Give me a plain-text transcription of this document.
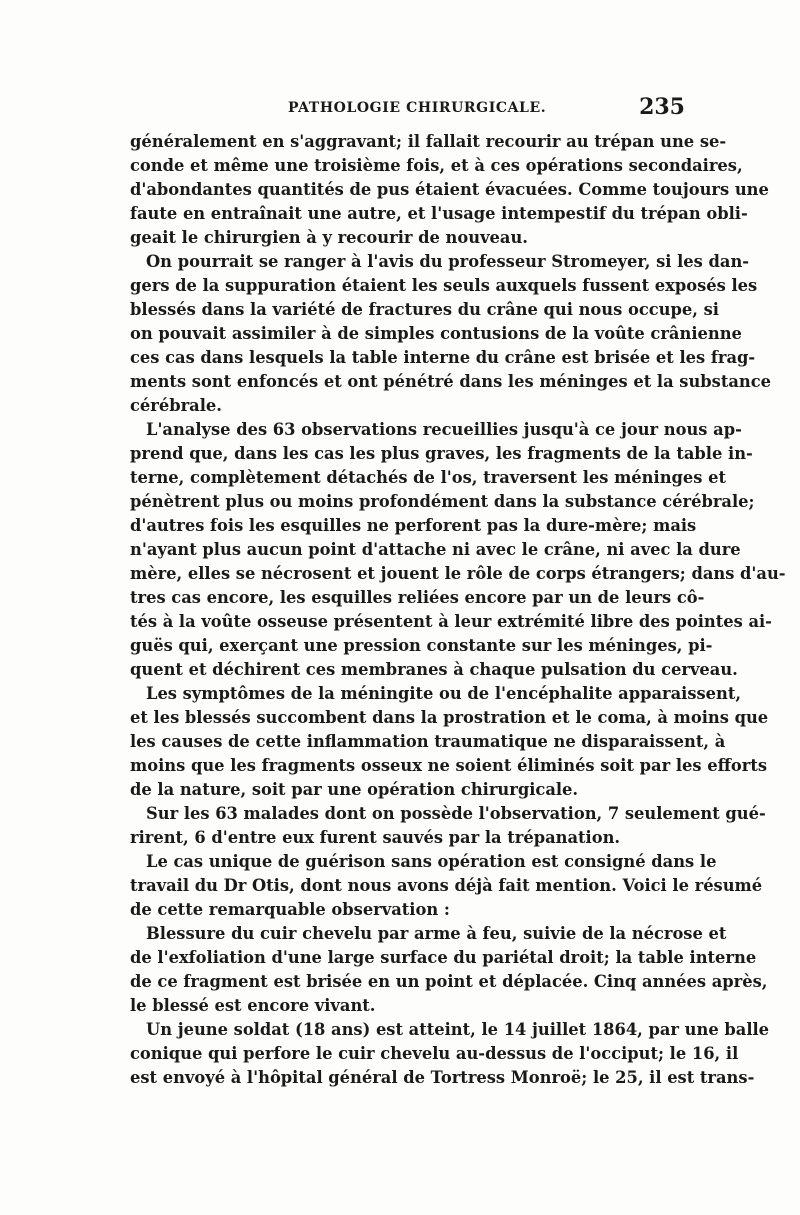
PATHOLOGIE CHIRURGICALE.	235
généralement en s'aggravant; il fallait recourir au trépan une se-
conde et même une troisième fois, et à ces opérations secondaires,
d'abondantes quantités de pus étaient évacuées. Comme toujours une
faute en entraînait une autre, et l'usage intempestif du trépan obli-
geait le chirurgien à y recourir de nouveau.
On pourrait se ranger à l'avis du professeur Stromeyer, si les dan-
gers de la suppuration étaient les seuls auxquels fussent exposés les
blessés dans la variété de fractures du crâne qui nous occupe, si
on pouvait assimiler à de simples contusions de la voûte crânienne
ces cas dans lesquels la table interne du crâne est brisée et les frag-
ments sont enfoncés et ont pénétré dans les méninges et la substance
cérébrale.
L'analyse des 63 observations recueillies jusqu'à ce jour nous ap-
prend que, dans les cas les plus graves, les fragments de la table in-
terne, complètement détachés de l'os, traversent les méninges et
pénètrent plus ou moins profondément dans la substance cérébrale;
d'autres fois les esquilles ne perforent pas la dure-mère; mais
n'ayant plus aucun point d'attache ni avec le crâne, ni avec la dure
mère, elles se nécrosent et jouent le rôle de corps étrangers; dans d'au-
tres cas encore, les esquilles reliées encore par un de leurs cô-
tés à la voûte osseuse présentent à leur extrémité libre des pointes ai-
guës qui, exerçant une pression constante sur les méninges, pi-
quent et déchirent ces membranes à chaque pulsation du cerveau.
Les symptômes de la méningite ou de l'encéphalite apparaissent,
et les blessés succombent dans la prostration et le coma, à moins que
les causes de cette inflammation traumatique ne disparaissent, à
moins que les fragments osseux ne soient éliminés soit par les efforts
de la nature, soit par une opération chirurgicale.
Sur les 63 malades dont on possède l'observation, 7 seulement gué-
rirent, 6 d'entre eux furent sauvés par la trépanation.
Le cas unique de guérison sans opération est consigné dans le
travail du Dr Otis, dont nous avons déjà fait mention. Voici le résumé
de cette remarquable observation :
Blessure du cuir chevelu par arme à feu, suivie de la nécrose et
de l'exfoliation d'une large surface du pariétal droit; la table interne
de ce fragment est brisée en un point et déplacée. Cinq années après,
le blessé est encore vivant.
Un jeune soldat (18 ans) est atteint, le 14 juillet 1864, par une balle
conique qui perfore le cuir chevelu au-dessus de l'occiput; le 16, il
est envoyé à l'hôpital général de Tortress Monroë; le 25, il est trans-
